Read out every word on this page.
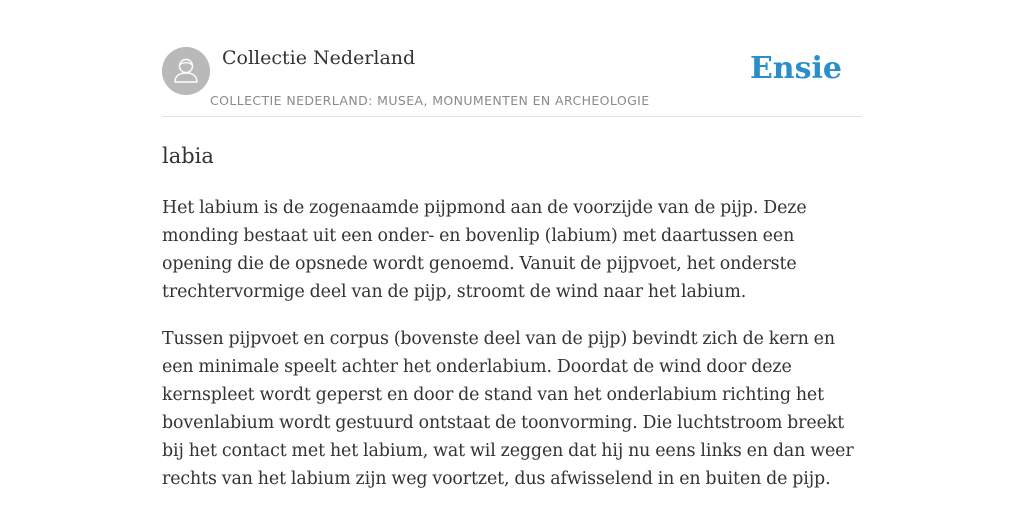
Collectie Nederland
COLLECTIE NEDERLAND: MUSEA, MONUMENTEN EN ARCHEOLOGIE
Ensie
labia

Het labium is de zogenaamde pijpmond aan de voorzijde van de pijp. Deze monding bestaat uit een onder- en bovenlip (labium) met daartussen een opening die de opsnede wordt genoemd. Vanuit de pijpvoet, het onderste trechtervormige deel van de pijp, stroomt de wind naar het labium.

Tussen pijpvoet en corpus (bovenste deel van de pijp) bevindt zich de kern en een minimale speelt achter het onderlabium. Doordat de wind door deze kernspleet wordt geperst en door de stand van het onderlabium richting het bovenlabium wordt gestuurd ontstaat de toonvorming. Die luchtstroom breekt bij het contact met het labium, wat wil zeggen dat hij nu eens links en dan weer rechts van het labium zijn weg voortzet, dus afwisselend in en buiten de pijp.
